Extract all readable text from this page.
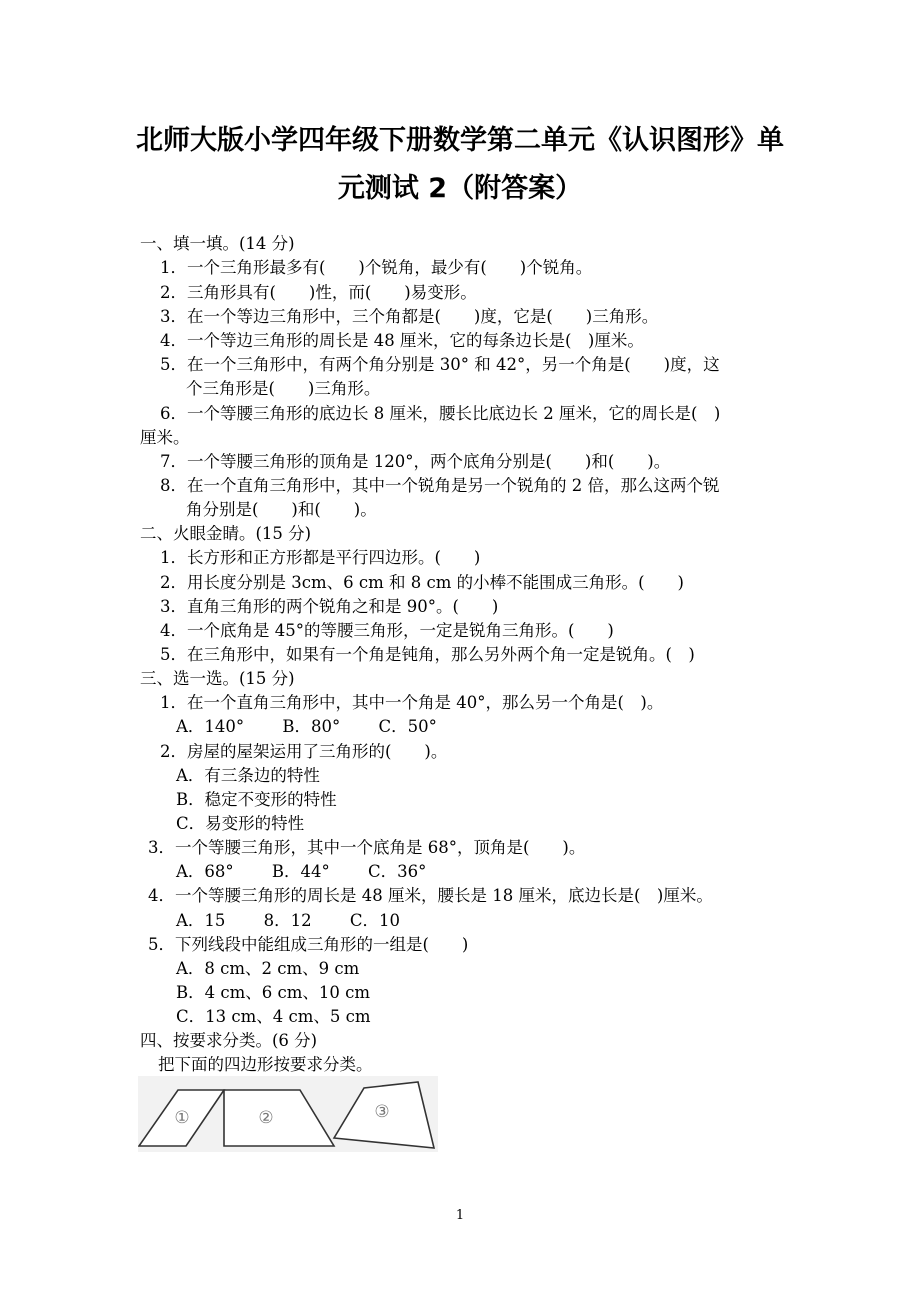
北师大版小学四年级下册数学第二单元《认识图形》单
元测试 2（附答案）
一、填一填。(14 分)
1．一个三角形最多有(　　)个锐角，最少有(　　)个锐角。
2．三角形具有(　　)性，而(　　)易变形。
3．在一个等边三角形中，三个角都是(　　)度，它是(　　)三角形。
4．一个等边三角形的周长是 48 厘米，它的每条边长是(　)厘米。
5．在一个三角形中，有两个角分别是 30° 和 42°，另一个角是(　　)度，这
个三角形是(　　)三角形。
6．一个等腰三角形的底边长 8 厘米，腰长比底边长 2 厘米，它的周长是(　)
厘米。
7．一个等腰三角形的顶角是 120°，两个底角分别是(　　)和(　　)。
8．在一个直角三角形中，其中一个锐角是另一个锐角的 2 倍，那么这两个锐
角分别是(　　)和(　　)。
二、火眼金睛。(15 分)
1．长方形和正方形都是平行四边形。(　　)
2．用长度分别是 3cm、6 cm 和 8 cm 的小棒不能围成三角形。(　　)
3．直角三角形的两个锐角之和是 90°。(　　)
4．一个底角是 45°的等腰三角形，一定是锐角三角形。(　　)
5．在三角形中，如果有一个角是钝角，那么另外两个角一定是锐角。(　)
三、选一选。(15 分)
1．在一个直角三角形中，其中一个角是 40°，那么另一个角是(　)。
A．140°　　 B．80°　　 C．50°
2．房屋的屋架运用了三角形的(　　)。
A．有三条边的特性
B．稳定不变形的特性
C．易变形的特性
3．一个等腰三角形，其中一个底角是 68°，顶角是(　　)。
A．68°　　 B．44°　　 C．36°
4．一个等腰三角形的周长是 48 厘米，腰长是 18 厘米，底边长是(　)厘米。
A．15　　 8．12　　 C．10
5．下列线段中能组成三角形的一组是(　　)
A．8 cm、2 cm、9 cm
B．4 cm、6 cm、10 cm
C．13 cm、4 cm、5 cm
四、按要求分类。(6 分)
把下面的四边形按要求分类。
①	②	③
1
